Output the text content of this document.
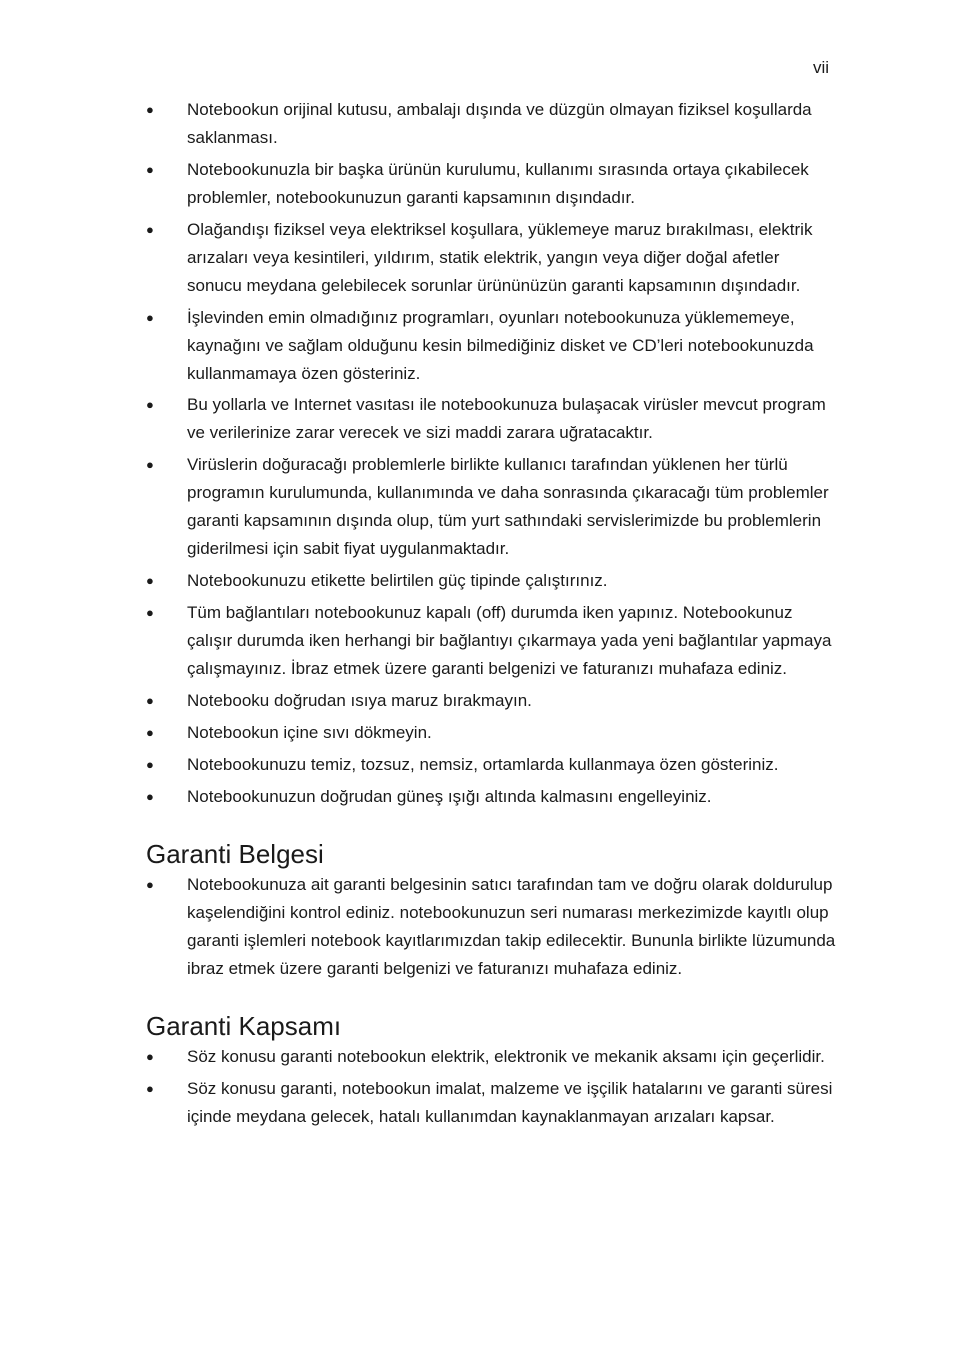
vii
● Notebookun orijinal kutusu, ambalajı dışında ve düzgün olmayan fiziksel koşullarda saklanması.
● Notebookunuzla bir başka ürünün kurulumu, kullanımı sırasında ortaya çıkabilecek problemler, notebookunuzun garanti kapsamının dışındadır.
● Olağandışı fiziksel veya elektriksel koşullara, yüklemeye maruz bırakılması, elektrik arızaları veya kesintileri, yıldırım, statik elektrik, yangın veya diğer doğal afetler sonucu meydana gelebilecek sorunlar ürününüzün garanti kapsamının dışındadır.
● İşlevinden emin olmadığınız programları, oyunları notebookunuza yüklememeye, kaynağını ve sağlam olduğunu kesin bilmediğiniz disket ve CD’leri notebookunuzda kullanmamaya özen gösteriniz.
● Bu yollarla ve Internet vasıtası ile notebookunuza bulaşacak virüsler mevcut program ve verilerinize zarar verecek ve sizi maddi zarara uğratacaktır.
● Virüslerin doğuracağı problemlerle birlikte kullanıcı tarafından yüklenen her türlü programın kurulumunda, kullanımında ve daha sonrasında çıkaracağı tüm problemler garanti kapsamının dışında olup, tüm yurt sathındaki servislerimizde bu problemlerin giderilmesi için sabit fiyat uygulanmaktadır.
● Notebookunuzu etikette belirtilen güç tipinde çalıştırınız.
● Tüm bağlantıları notebookunuz kapalı (off) durumda iken yapınız. Notebookunuz çalışır durumda iken herhangi bir bağlantıyı çıkarmaya yada yeni bağlantılar yapmaya çalışmayınız. İbraz etmek üzere garanti belgenizi ve faturanızı muhafaza ediniz.
● Notebooku doğrudan ısıya maruz bırakmayın.
● Notebookun içine sıvı dökmeyin.
● Notebookunuzu temiz, tozsuz, nemsiz, ortamlarda kullanmaya özen gösteriniz.
● Notebookunuzun doğrudan güneş ışığı altında kalmasını engelleyiniz.
Garanti Belgesi
● Notebookunuza ait garanti belgesinin satıcı tarafından tam ve doğru olarak doldurulup kaşelendiğini kontrol ediniz. notebookunuzun seri numarası merkezimizde kayıtlı olup garanti işlemleri notebook kayıtlarımızdan takip edilecektir. Bununla birlikte lüzumunda ibraz etmek üzere garanti belgenizi ve faturanızı muhafaza ediniz.
Garanti Kapsamı
● Söz konusu garanti notebookun elektrik, elektronik ve mekanik aksamı için geçerlidir.
● Söz konusu garanti, notebookun imalat, malzeme ve işçilik hatalarını ve garanti süresi içinde meydana gelecek, hatalı kullanımdan kaynaklanmayan arızaları kapsar.
